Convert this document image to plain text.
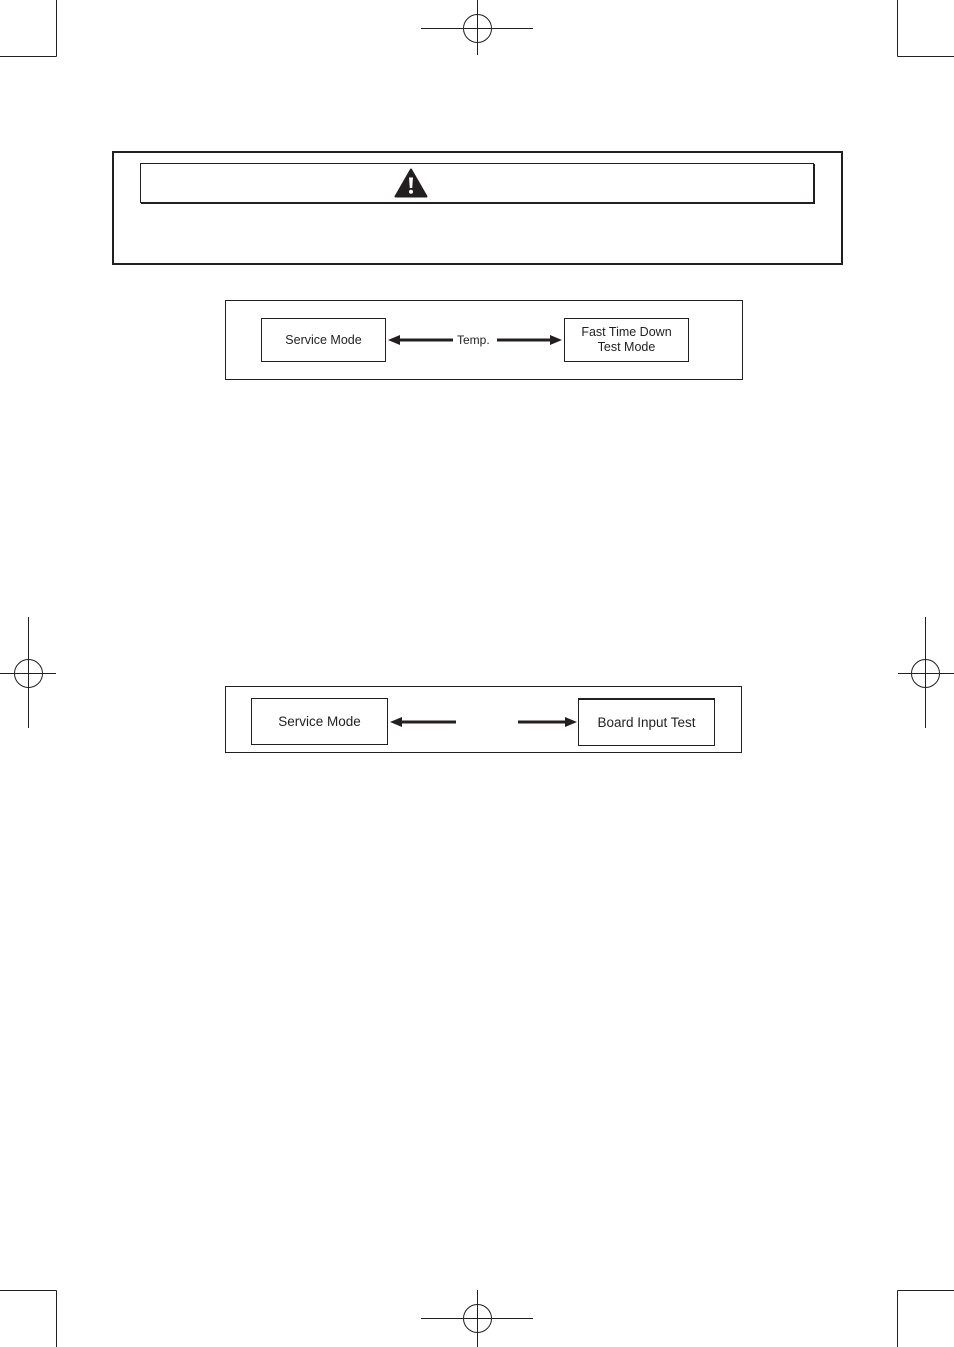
Service Mode
Fast Time Down
Test Mode
Temp.
Service Mode	Board Input Test
